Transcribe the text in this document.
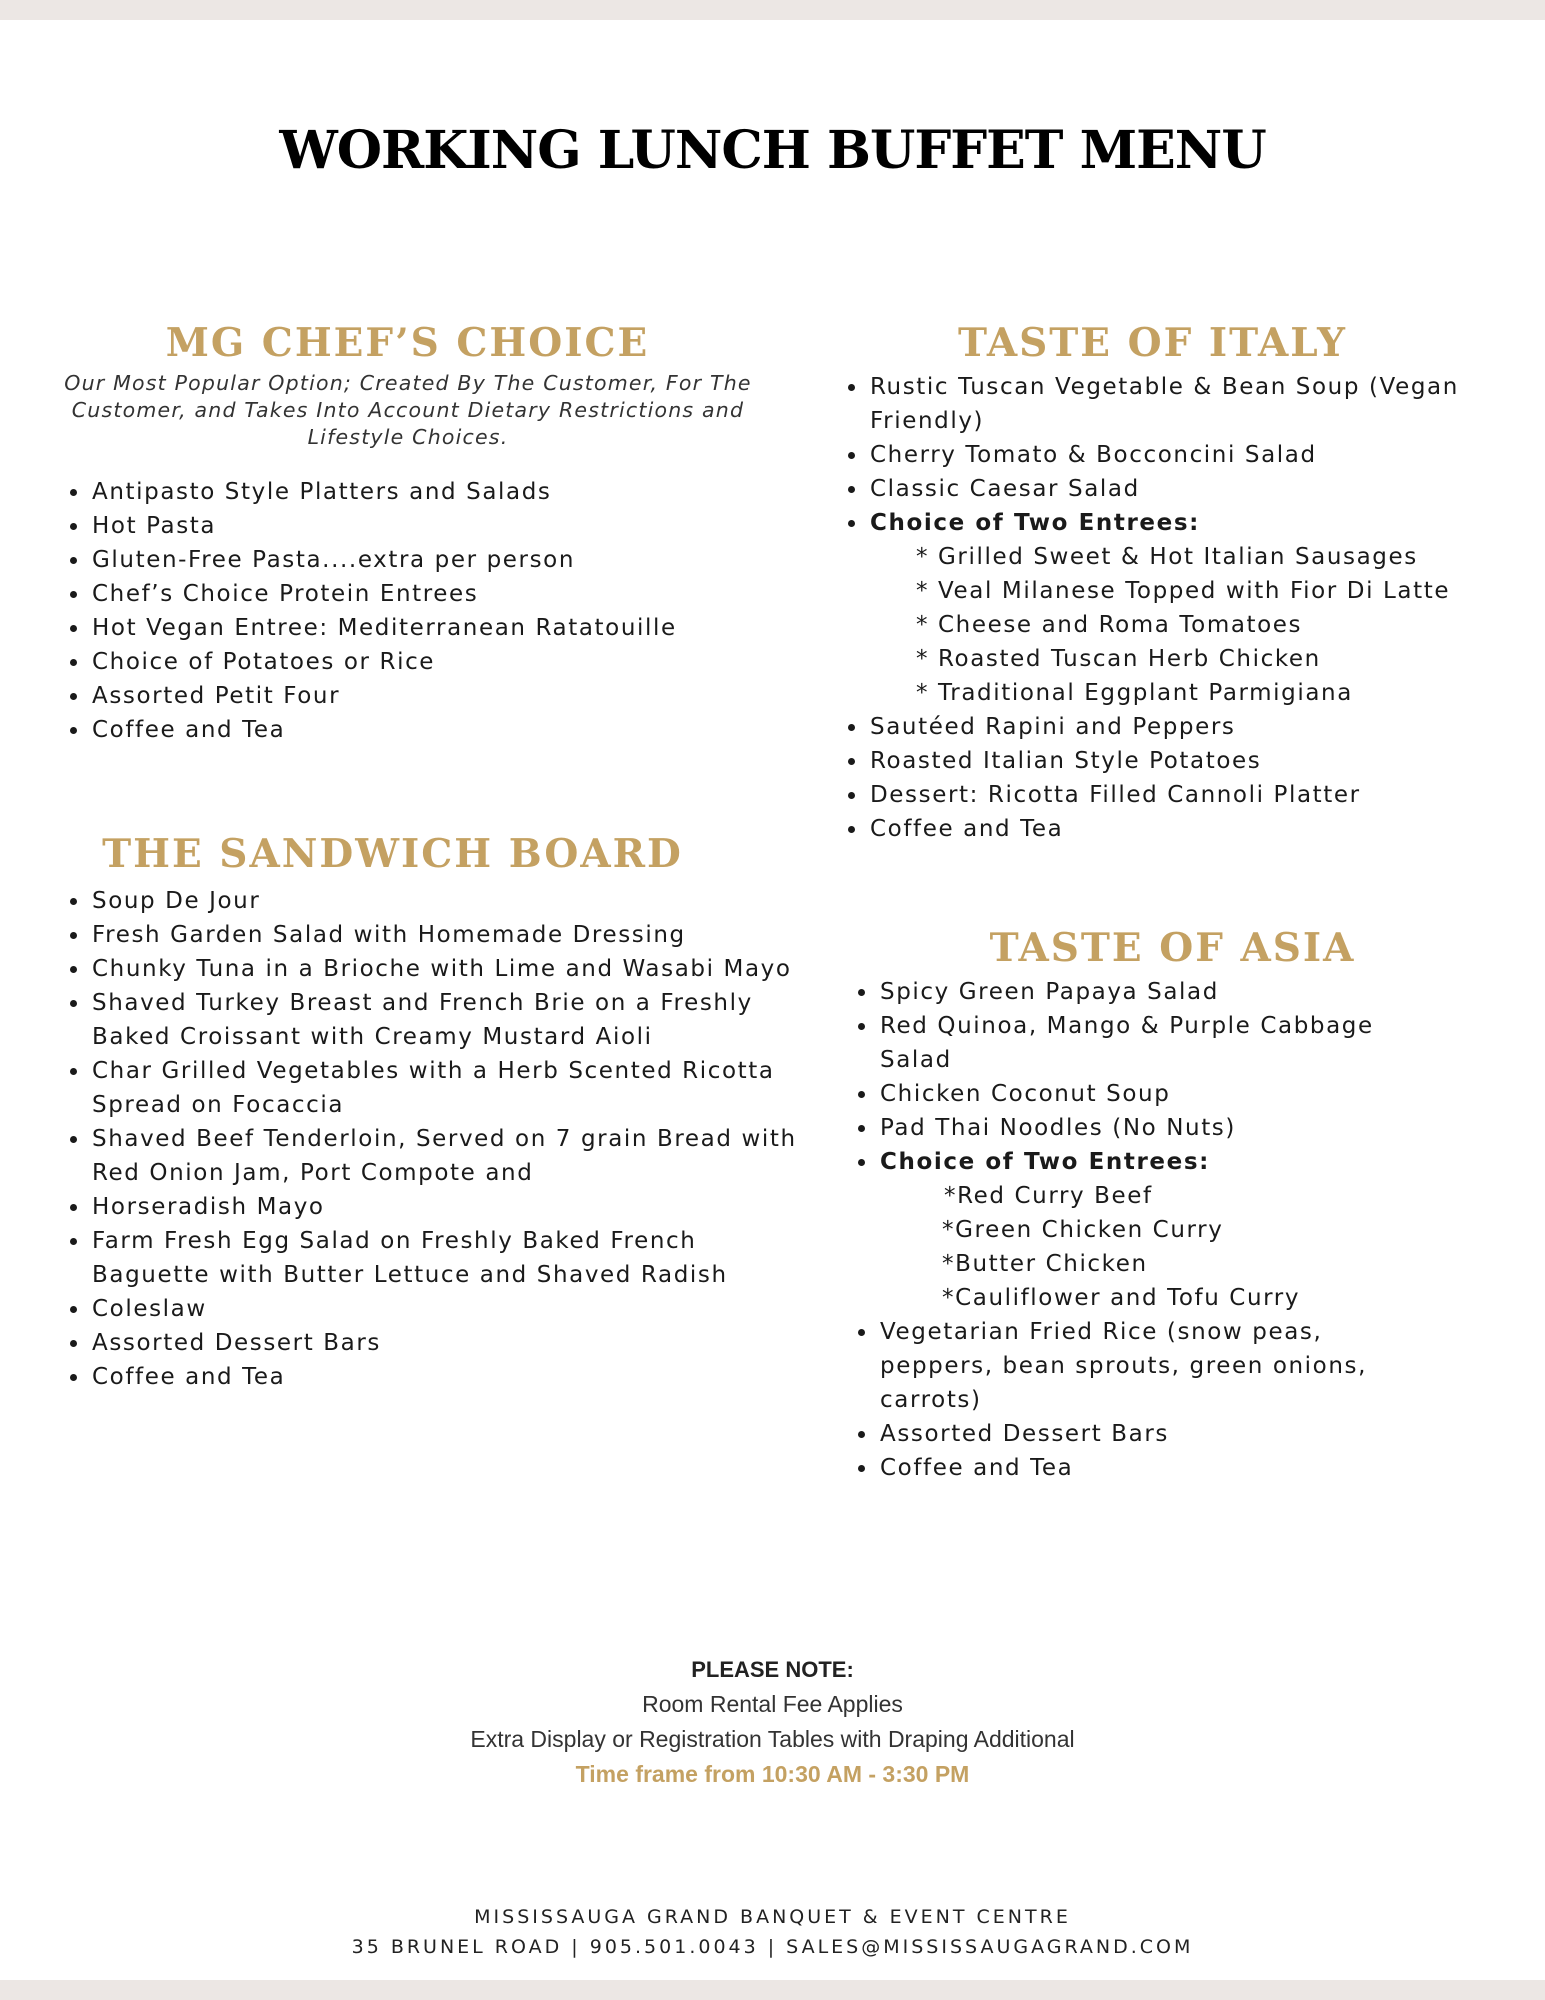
WORKING LUNCH BUFFET MENU
MG CHEF’S CHOICE
Our Most Popular Option; Created By The Customer, For The Customer, and Takes Into Account Dietary Restrictions and Lifestyle Choices.
• Antipasto Style Platters and Salads
• Hot Pasta
• Gluten-Free Pasta....extra per person
• Chef’s Choice Protein Entrees
• Hot Vegan Entree: Mediterranean Ratatouille
• Choice of Potatoes or Rice
• Assorted Petit Four
• Coffee and Tea
THE SANDWICH BOARD
• Soup De Jour
• Fresh Garden Salad with Homemade Dressing
• Chunky Tuna in a Brioche with Lime and Wasabi Mayo
• Shaved Turkey Breast and French Brie on a Freshly Baked Croissant with Creamy Mustard Aioli
• Char Grilled Vegetables with a Herb Scented Ricotta Spread on Focaccia
• Shaved Beef Tenderloin, Served on 7 grain Bread with Red Onion Jam, Port Compote and
• Horseradish Mayo
• Farm Fresh Egg Salad on Freshly Baked French Baguette with Butter Lettuce and Shaved Radish
• Coleslaw
• Assorted Dessert Bars
• Coffee and Tea
TASTE OF ITALY
• Rustic Tuscan Vegetable & Bean Soup (Vegan Friendly)
• Cherry Tomato & Bocconcini Salad
• Classic Caesar Salad
• Choice of Two Entrees:
* Grilled Sweet & Hot Italian Sausages
* Veal Milanese Topped with Fior Di Latte
* Cheese and Roma Tomatoes
* Roasted Tuscan Herb Chicken
* Traditional Eggplant Parmigiana
• Sautéed Rapini and Peppers
• Roasted Italian Style Potatoes
• Dessert: Ricotta Filled Cannoli Platter
• Coffee and Tea
TASTE OF ASIA
• Spicy Green Papaya Salad
• Red Quinoa, Mango & Purple Cabbage Salad
• Chicken Coconut Soup
• Pad Thai Noodles (No Nuts)
• Choice of Two Entrees:
*Red Curry Beef
*Green Chicken Curry
*Butter Chicken
*Cauliflower and Tofu Curry
• Vegetarian Fried Rice (snow peas, peppers, bean sprouts, green onions, carrots)
• Assorted Dessert Bars
• Coffee and Tea
PLEASE NOTE:
Room Rental Fee Applies
Extra Display or Registration Tables with Draping Additional
Time frame from 10:30 AM - 3:30 PM
MISSISSAUGA GRAND BANQUET & EVENT CENTRE
35 BRUNEL ROAD | 905.501.0043 | SALES@MISSISSAUGAGRAND.COM
